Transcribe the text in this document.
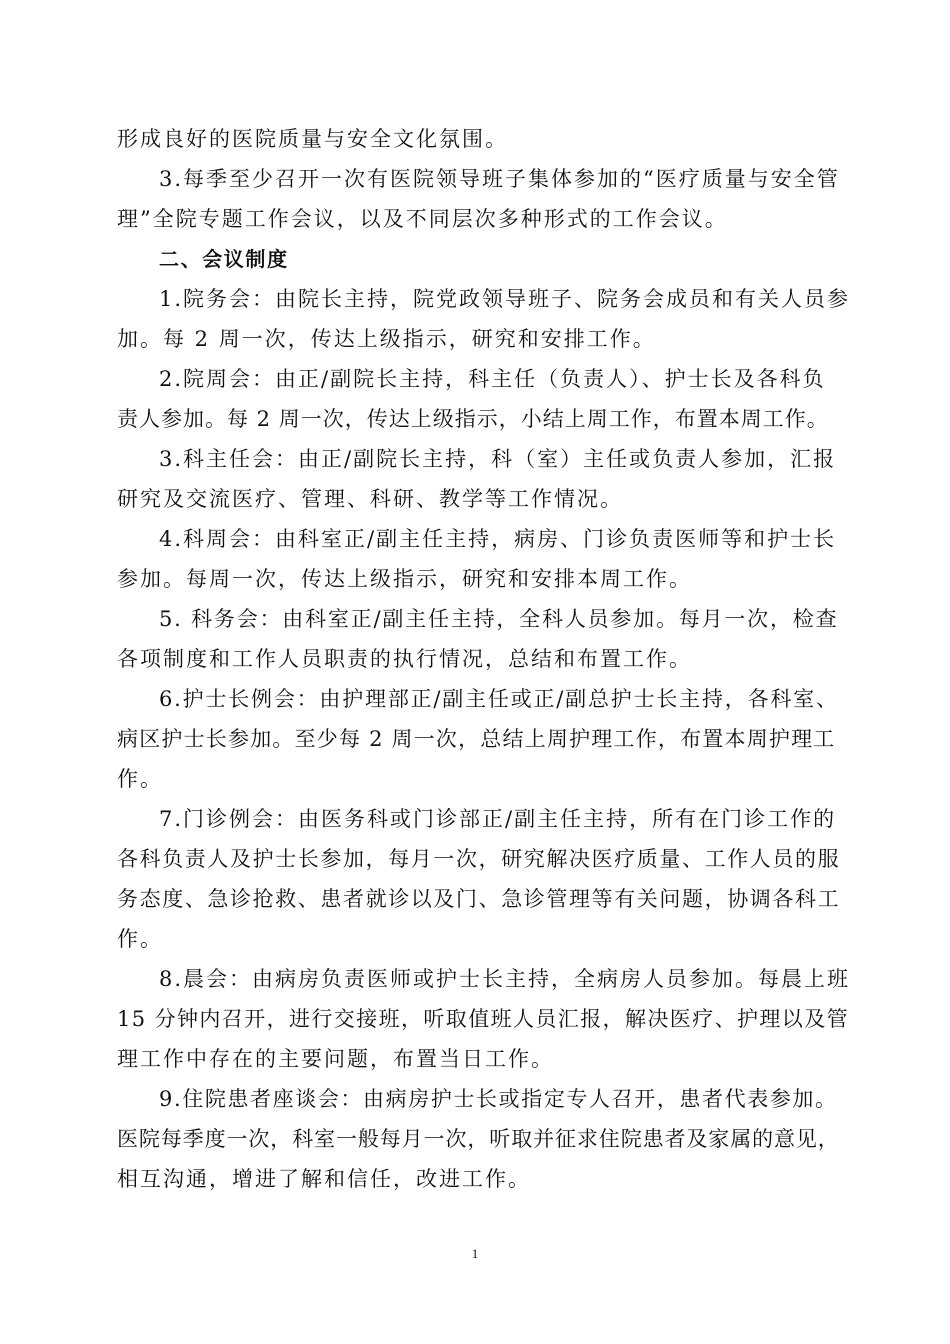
形成良好的医院质量与安全文化氛围。
3.每季至少召开一次有医院领导班子集体参加的“医疗质量与安全管
理”全院专题工作会议，以及不同层次多种形式的工作会议。
二、会议制度
1.院务会：由院长主持，院党政领导班子、院务会成员和有关人员参
加。每 2 周一次，传达上级指示，研究和安排工作。
2.院周会：由正/副院长主持，科主任（负责人）、护士长及各科负
责人参加。每 2 周一次，传达上级指示，小结上周工作，布置本周工作。
3.科主任会：由正/副院长主持，科（室）主任或负责人参加，汇报
研究及交流医疗、管理、科研、教学等工作情况。
4.科周会：由科室正/副主任主持，病房、门诊负责医师等和护士长
参加。每周一次，传达上级指示，研究和安排本周工作。
5. 科务会：由科室正/副主任主持，全科人员参加。每月一次，检查
各项制度和工作人员职责的执行情况，总结和布置工作。
6.护士长例会：由护理部正/副主任或正/副总护士长主持，各科室、
病区护士长参加。至少每 2 周一次，总结上周护理工作，布置本周护理工
作。
7.门诊例会：由医务科或门诊部正/副主任主持，所有在门诊工作的
各科负责人及护士长参加，每月一次，研究解决医疗质量、工作人员的服
务态度、急诊抢救、患者就诊以及门、急诊管理等有关问题，协调各科工
作。
8.晨会：由病房负责医师或护士长主持，全病房人员参加。每晨上班
15 分钟内召开，进行交接班，听取值班人员汇报，解决医疗、护理以及管
理工作中存在的主要问题，布置当日工作。
9.住院患者座谈会：由病房护士长或指定专人召开，患者代表参加。
医院每季度一次，科室一般每月一次，听取并征求住院患者及家属的意见，
相互沟通，增进了解和信任，改进工作。
1
